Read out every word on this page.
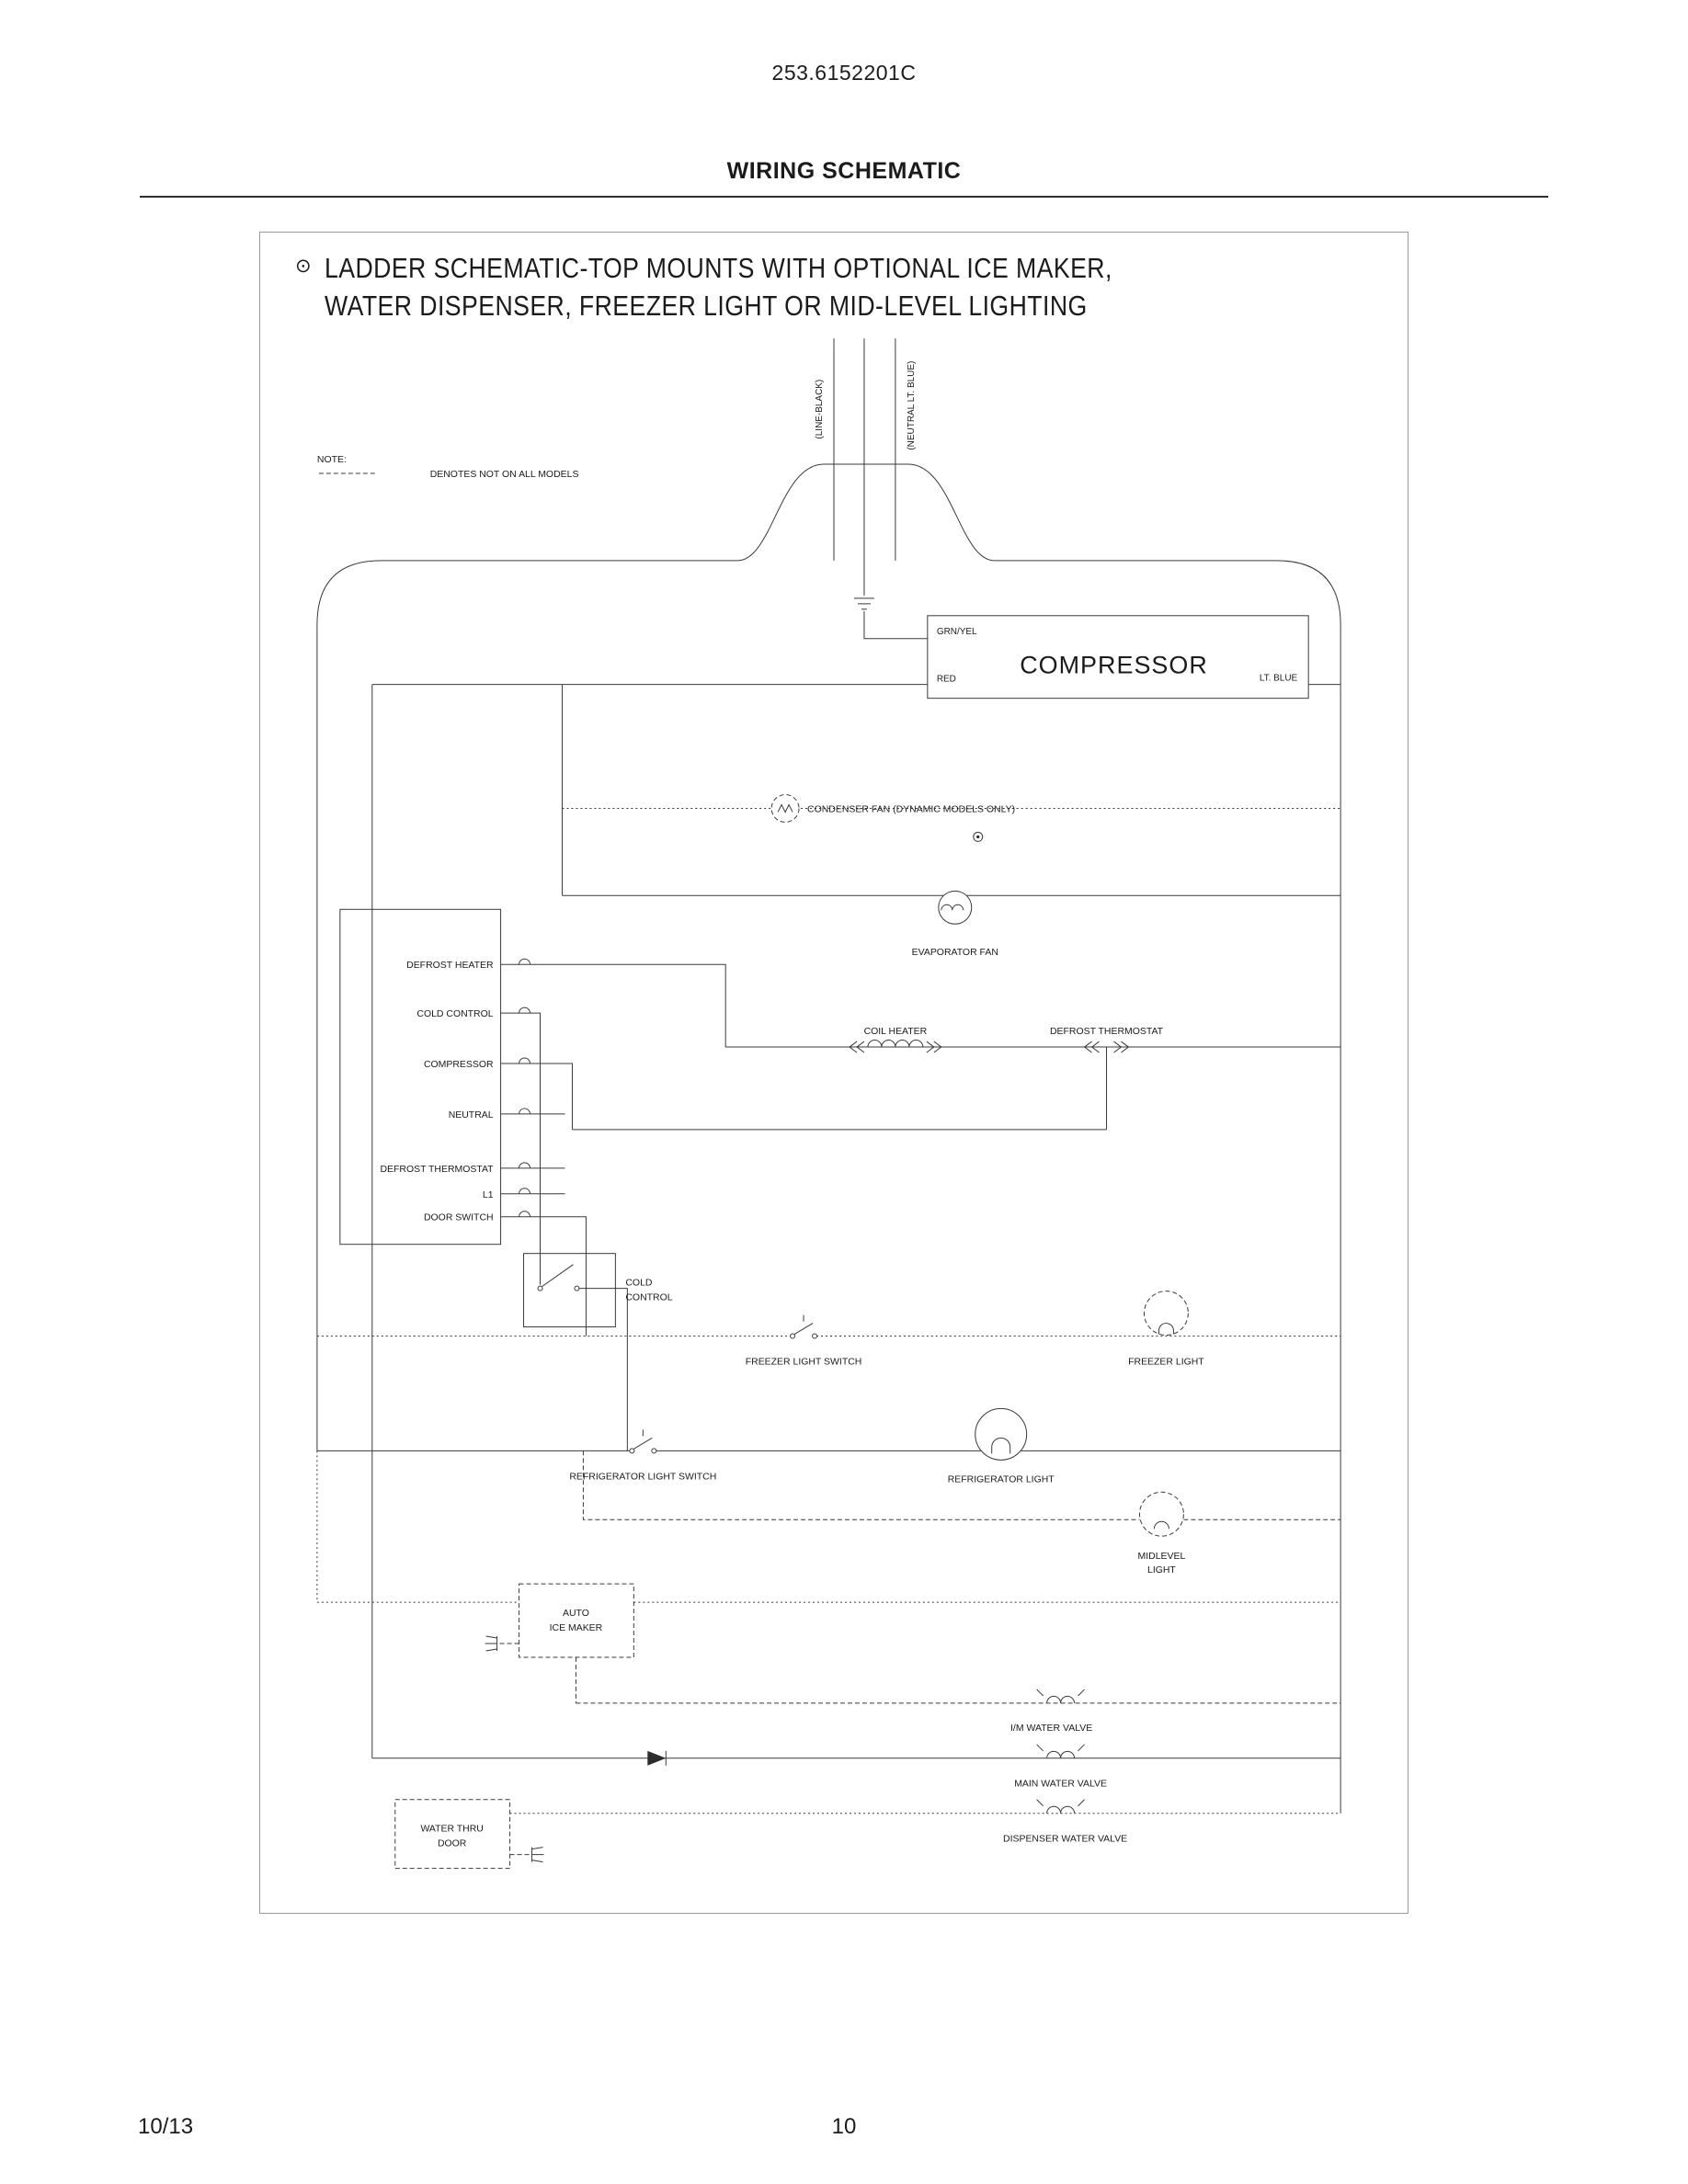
253.6152201C
WIRING SCHEMATIC
(LINE-BLACK)	(NEUTRAL LT. BLUE)
NOTE:
DENOTES NOT ON ALL MODELS
GRN/YEL
RED
COMPRESSOR	LT. BLUE
CONDENSER FAN (DYNAMIC MODELS ONLY)
EVAPORATOR FAN
COIL HEATER	DEFROST THERMOSTAT
DEFROST HEATER
COLD CONTROL
COMPRESSOR
NEUTRAL
DEFROST THERMOSTAT
L1
DOOR SWITCH
COLD
CONTROL
FREEZER LIGHT SWITCH	FREEZER LIGHT
REFRIGERATOR LIGHT SWITCH	REFRIGERATOR LIGHT
MIDLEVEL
LIGHT
AUTO
ICE MAKER
I/M WATER VALVE
MAIN WATER VALVE
DISPENSER WATER VALVE
WATER THRU
DOOR
⊙ LADDER SCHEMATIC-TOP MOUNTS WITH OPTIONAL ICE MAKER,
WATER DISPENSER, FREEZER LIGHT OR MID-LEVEL LIGHTING
10/13	10
